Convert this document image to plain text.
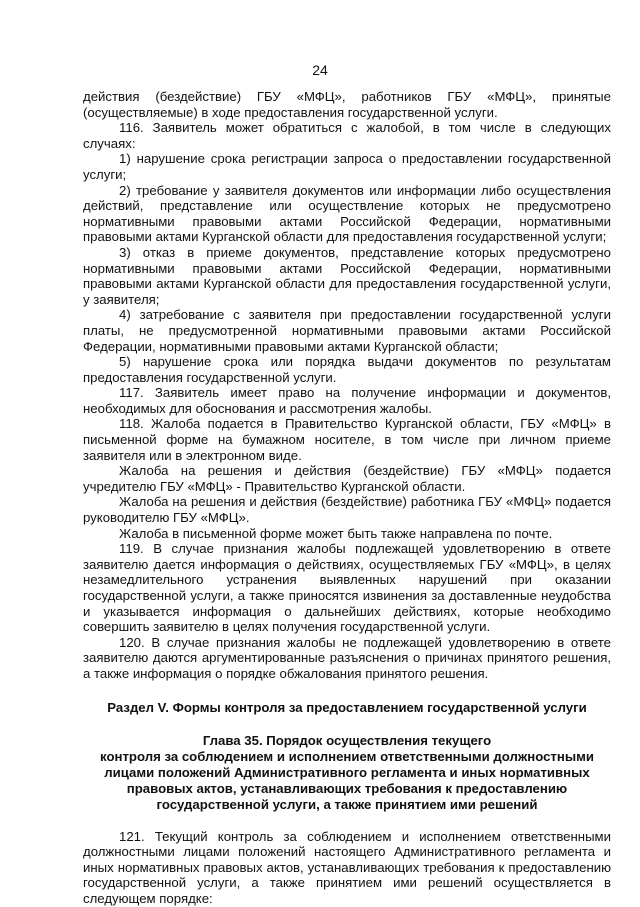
24

действия (бездействие) ГБУ «МФЦ», работников ГБУ «МФЦ», принятые (осуществляемые) в ходе предоставления государственной услуги.

116. Заявитель может обратиться с жалобой, в том числе в следующих случаях:

1) нарушение срока регистрации запроса о предоставлении государственной услуги;

2) требование у заявителя документов или информации либо осуществления действий, представление или осуществление которых не предусмотрено нормативными правовыми актами Российской Федерации, нормативными правовыми актами Курганской области для предоставления государственной услуги;

3) отказ в приеме документов, представление которых предусмотрено нормативными правовыми актами Российской Федерации, нормативными правовыми актами Курганской области для предоставления государственной услуги, у заявителя;

4) затребование с заявителя при предоставлении государственной услуги платы, не предусмотренной нормативными правовыми актами Российской Федерации, нормативными правовыми актами Курганской области;

5) нарушение срока или порядка выдачи документов по результатам предоставления государственной услуги.

117. Заявитель имеет право на получение информации и документов, необходимых для обоснования и рассмотрения жалобы.

118. Жалоба подается в Правительство Курганской области, ГБУ «МФЦ» в письменной форме на бумажном носителе, в том числе при личном приеме заявителя или в электронном виде.

Жалоба на решения и действия (бездействие) ГБУ «МФЦ» подается учредителю ГБУ «МФЦ» - Правительство Курганской области.

Жалоба на решения и действия (бездействие) работника ГБУ «МФЦ» подается руководителю ГБУ «МФЦ».

Жалоба в письменной форме может быть также направлена по почте.

119. В случае признания жалобы подлежащей удовлетворению в ответе заявителю дается информация о действиях, осуществляемых ГБУ «МФЦ», в целях незамедлительного устранения выявленных нарушений при оказании государственной услуги, а также приносятся извинения за доставленные неудобства и указывается информация о дальнейших действиях, которые необходимо совершить заявителю в целях получения государственной услуги.

120. В случае признания жалобы не подлежащей удовлетворению в ответе заявителю даются аргументированные разъяснения о причинах принятого решения, а также информация о порядке обжалования принятого решения.

Раздел V. Формы контроля за предоставлением государственной услуги
Глава 35. Порядок осуществления текущего
контроля за соблюдением и исполнением ответственными должностными
лицами положений Административного регламента и иных нормативных
правовых актов, устанавливающих требования к предоставлению
государственной услуги, а также принятием ими решений

121. Текущий контроль за соблюдением и исполнением ответственными должностными лицами положений настоящего Административного регламента и иных нормативных правовых актов, устанавливающих требования к предоставлению государственной услуги, а также принятием ими решений осуществляется в следующем порядке:
